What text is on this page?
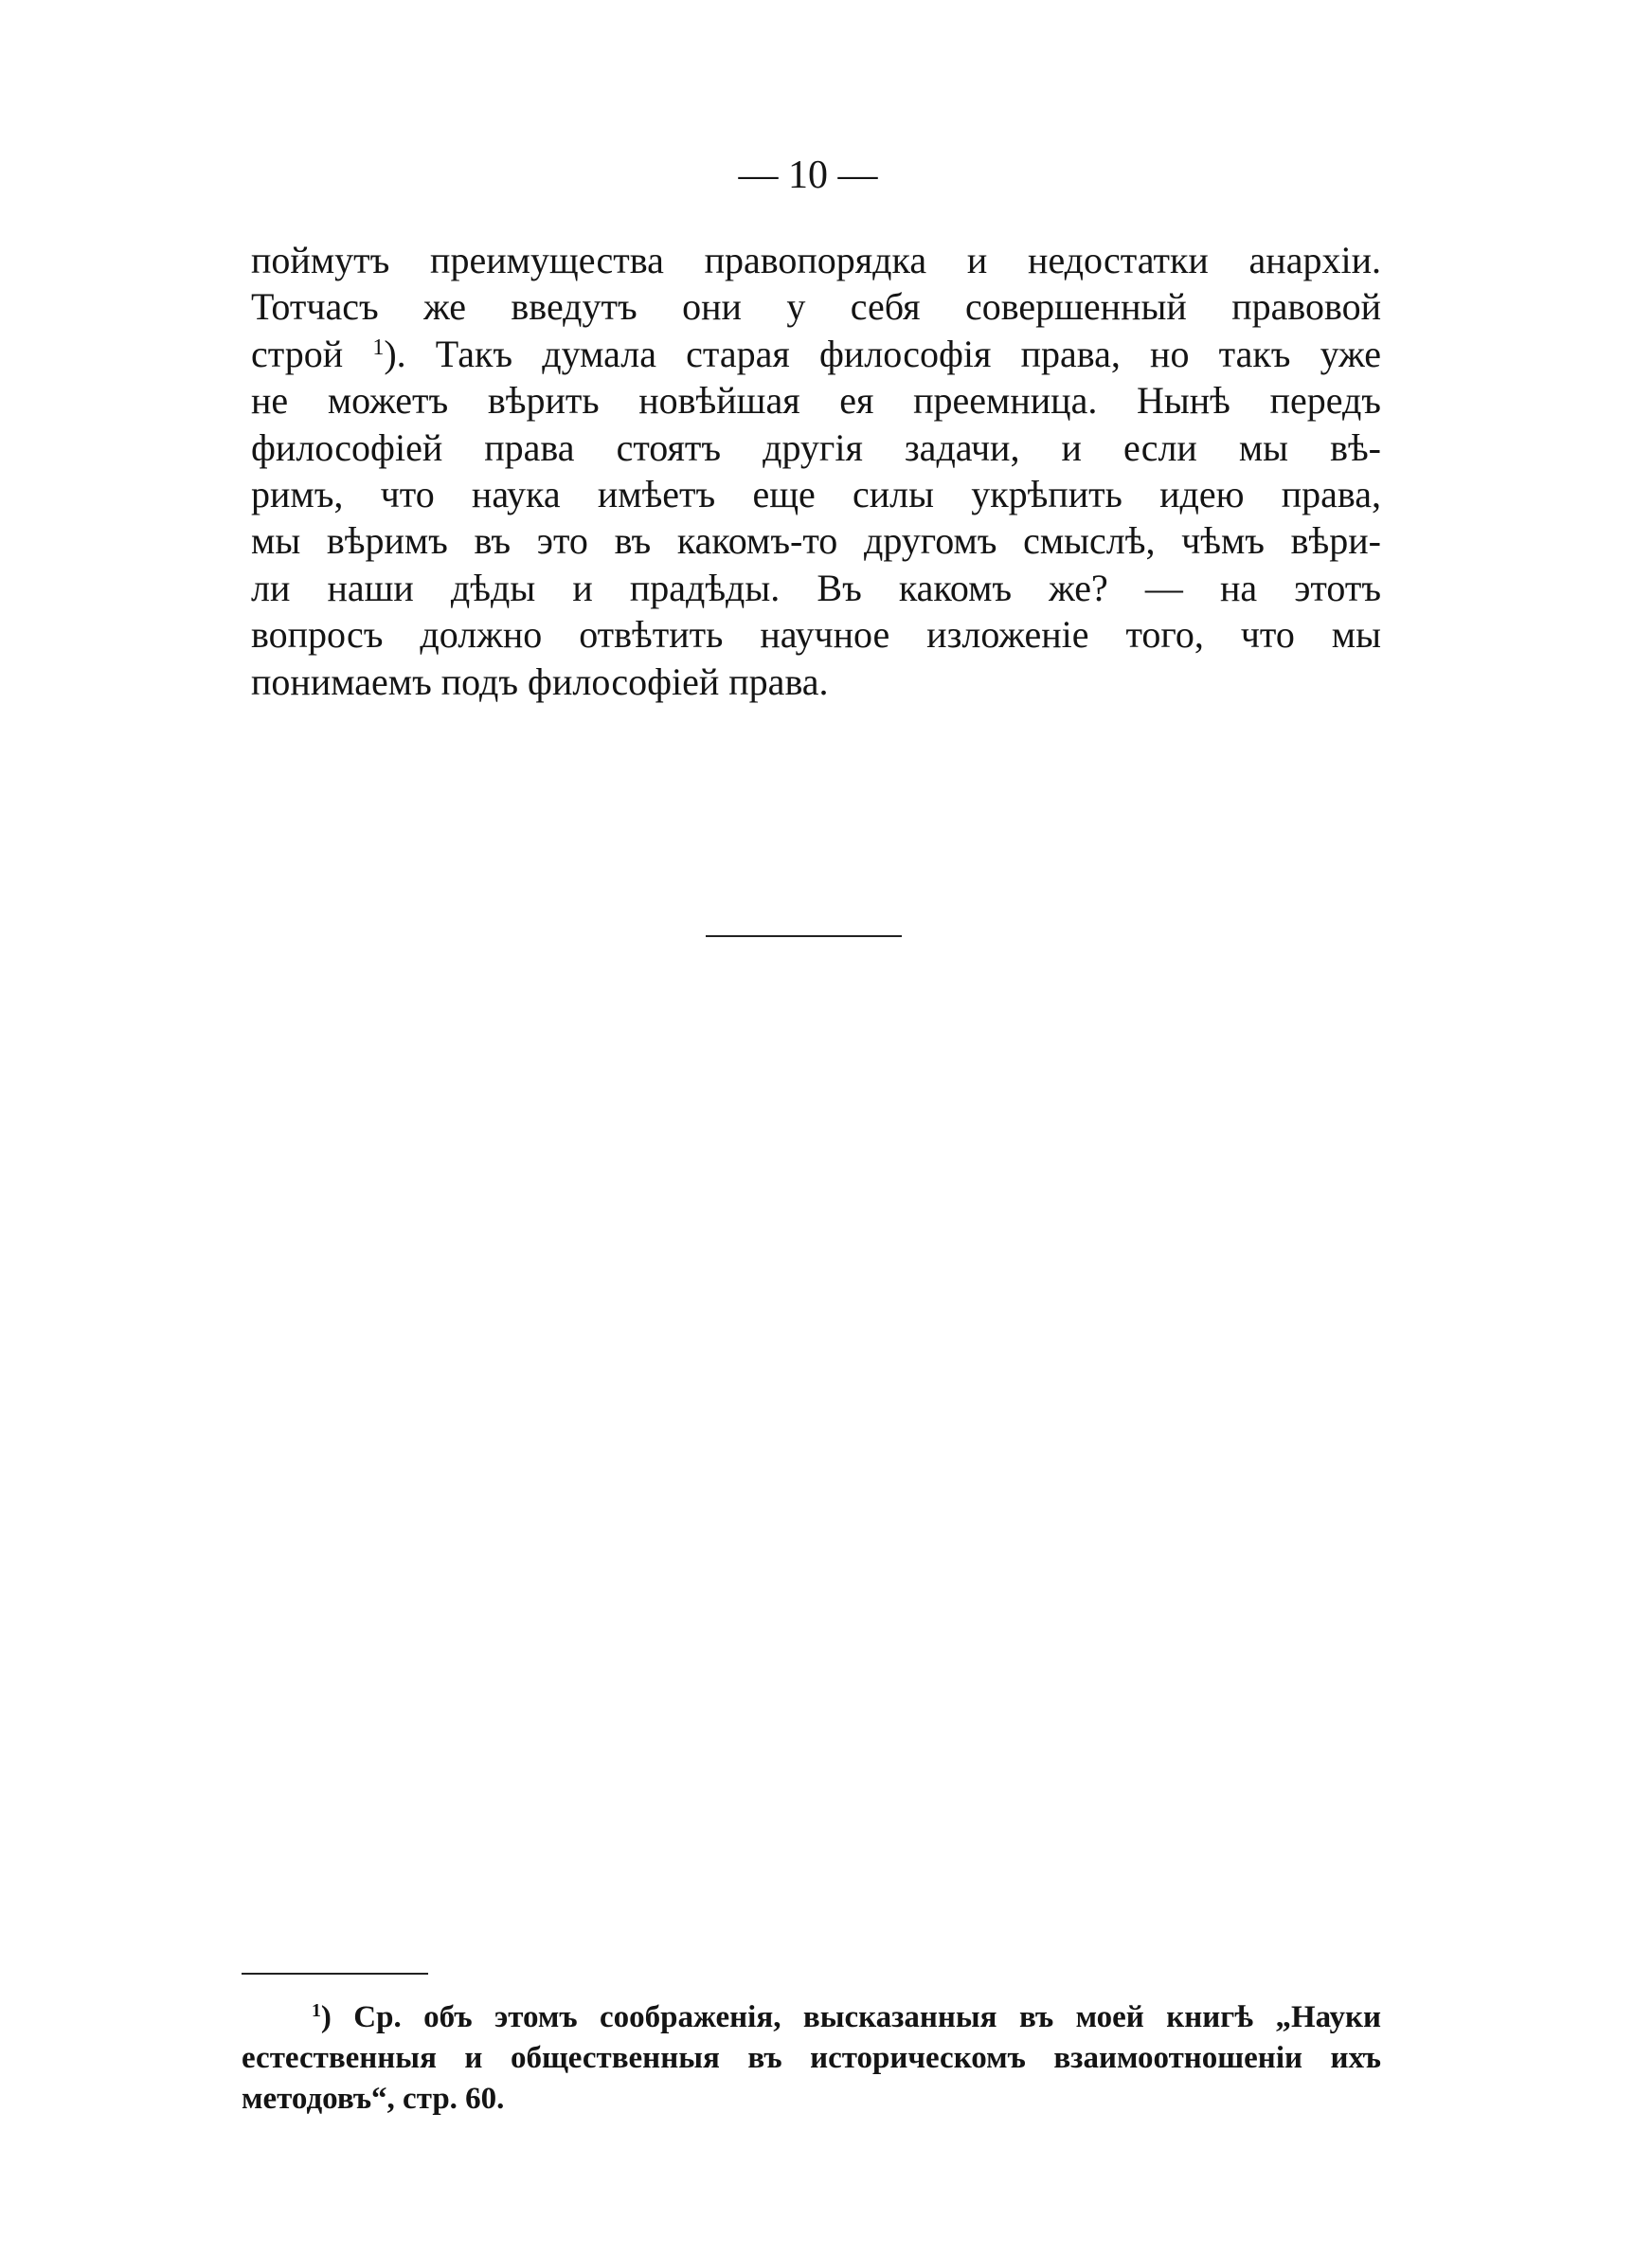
— 10 —
поймутъ преимущества правопорядка и недостатки анархіи.
Тотчасъ же введутъ они у себя совершенный правовой
строй $^1$). Такъ думала старая философія права, но такъ уже
не можетъ вѣрить новѣйшая ея преемница. Нынѣ передъ
философіей права стоятъ другія задачи, и если мы вѣ-
римъ, что наука имѣетъ еще силы укрѣпить идею права,
мы вѣримъ въ это въ какомъ-то другомъ смыслѣ, чѣмъ вѣри-
ли наши дѣды и прадѣды. Въ какомъ же? — на этотъ
вопросъ должно отвѣтить научное изложеніе того, что мы
понимаемъ подъ философіей права.
$^1$) Ср. объ этомъ соображенія, высказанныя въ моей книгѣ „Науки
естественныя и общественныя въ историческомъ взаимоотношеніи ихъ
методовъ“, стр. 60.
